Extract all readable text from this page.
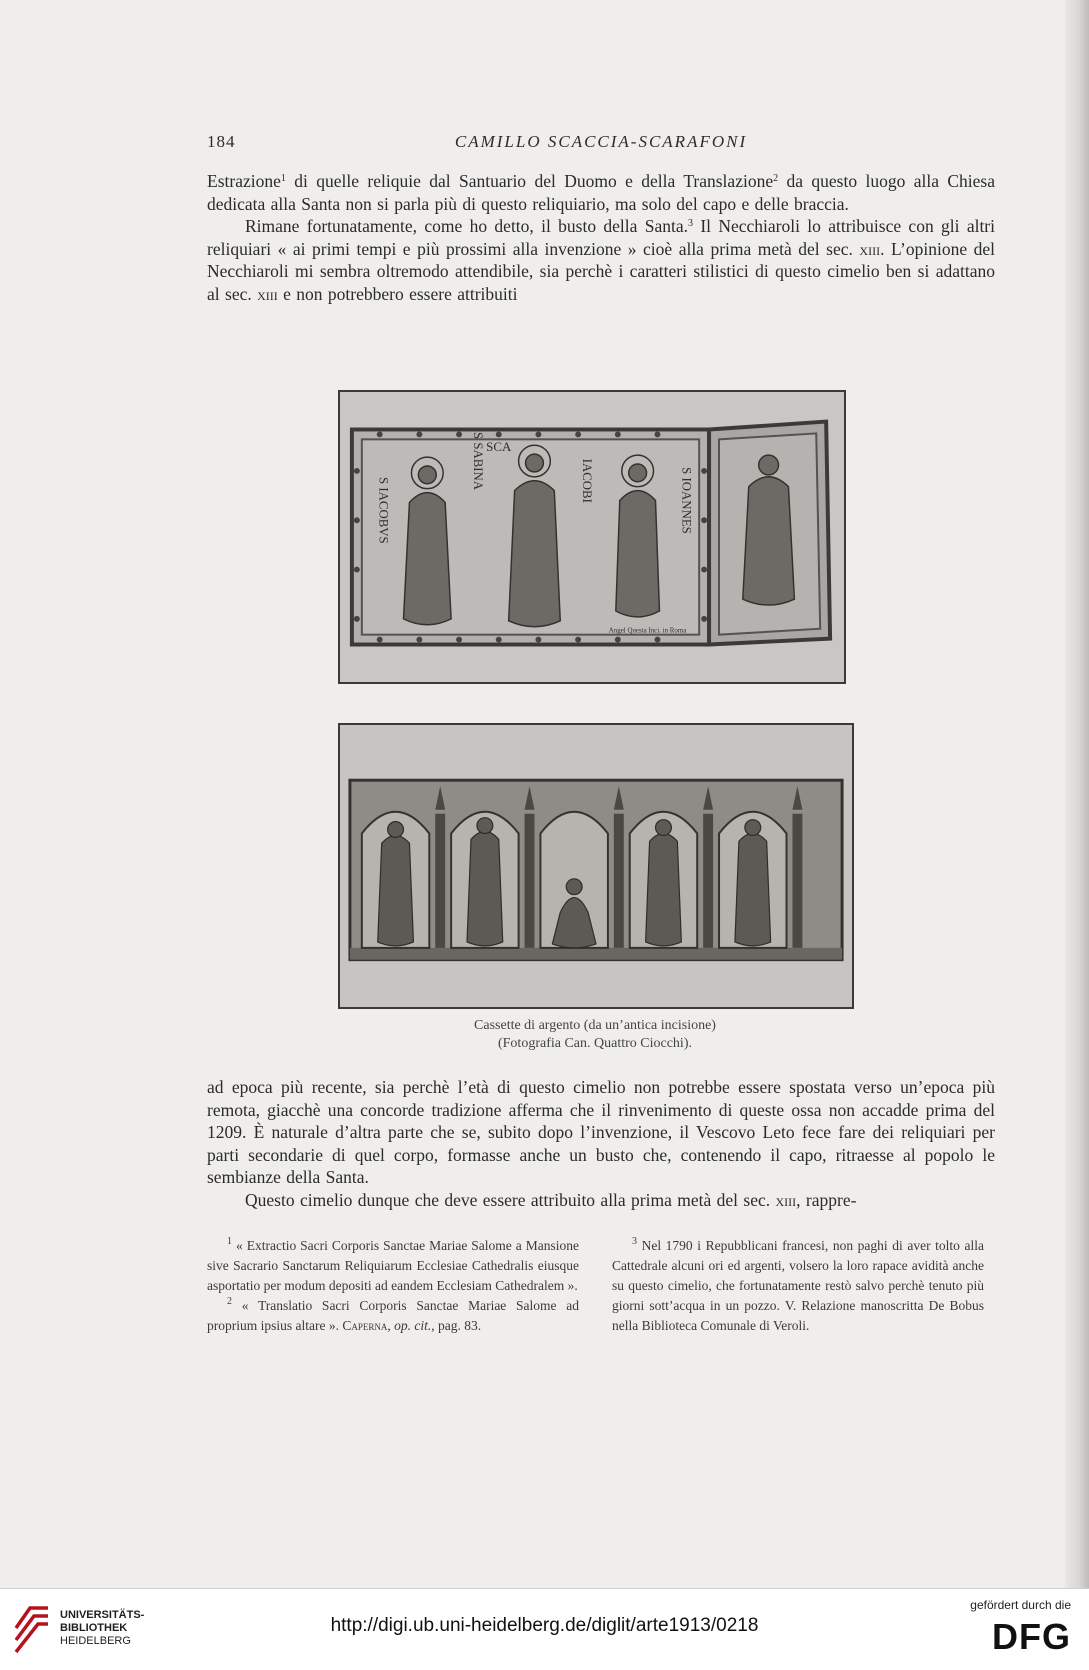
184	CAMILLO SCACCIA-SCARAFONI

Estrazione$^1$ di quelle reliquie dal Santuario del Duomo e della Translazione$^2$ da questo luogo alla Chiesa dedicata alla Santa non si parla più di questo reliquiario, ma solo del capo e delle braccia.

Rimane fortunatamente, come ho detto, il busto della Santa.$^3$ Il Necchiaroli lo attribuisce con gli altri reliquiari « ai primi tempi e più prossimi alla invenzione » cioè alla prima metà del sec. xiii. L’opinione del Necchiaroli mi sembra oltremodo attendibile, sia perchè i caratteri stilistici di questo cimelio ben si adattano al sec. xiii e non potrebbero essere attribuiti

S IACOBVS
S SABINA SCA
IACOBI	S IOANNES
Angel Questa Inci. in Roma
Cassette di argento (da un’antica incisione)
(Fotografia Can. Quattro Ciocchi).

ad epoca più recente, sia perchè l’età di questo cimelio non potrebbe essere spostata verso un’epoca più remota, giacchè una concorde tradizione afferma che il rinvenimento di queste ossa non accadde prima del 1209. È naturale d’altra parte che se, subito dopo l’invenzione, il Vescovo Leto fece fare dei reliquiari per parti secondarie di quel corpo, formasse anche un busto che, contenendo il capo, ritraesse al popolo le sembianze della Santa.

Questo cimelio dunque che deve essere attribuito alla prima metà del sec. xiii, rappre-

$^1$ « Extractio Sacri Corporis Sanctae Mariae Salome a Mansione sive Sacrario Sanctarum Reliquiarum Ecclesiae Cathedralis eiusque asportatio per modum depositi ad eandem Ecclesiam Cathedralem ».

$^2$ « Translatio Sacri Corporis Sanctae Mariae Salome ad proprium ipsius altare ». Caperna, op. cit., pag. 83.

$^3$ Nel 1790 i Repubblicani francesi, non paghi di aver tolto alla Cattedrale alcuni ori ed argenti, volsero la loro rapace avidità anche su questo cimelio, che fortunatamente restò salvo perchè tenuto più giorni sott’acqua in un pozzo. V. Relazione manoscritta De Bobus nella Biblioteca Comunale di Veroli.

UNIVERSITÄTS-
BIBLIOTHEK
HEIDELBERG
http://digi.ub.uni-heidelberg.de/diglit/arte1913/0218
gefördert durch die
DFG
